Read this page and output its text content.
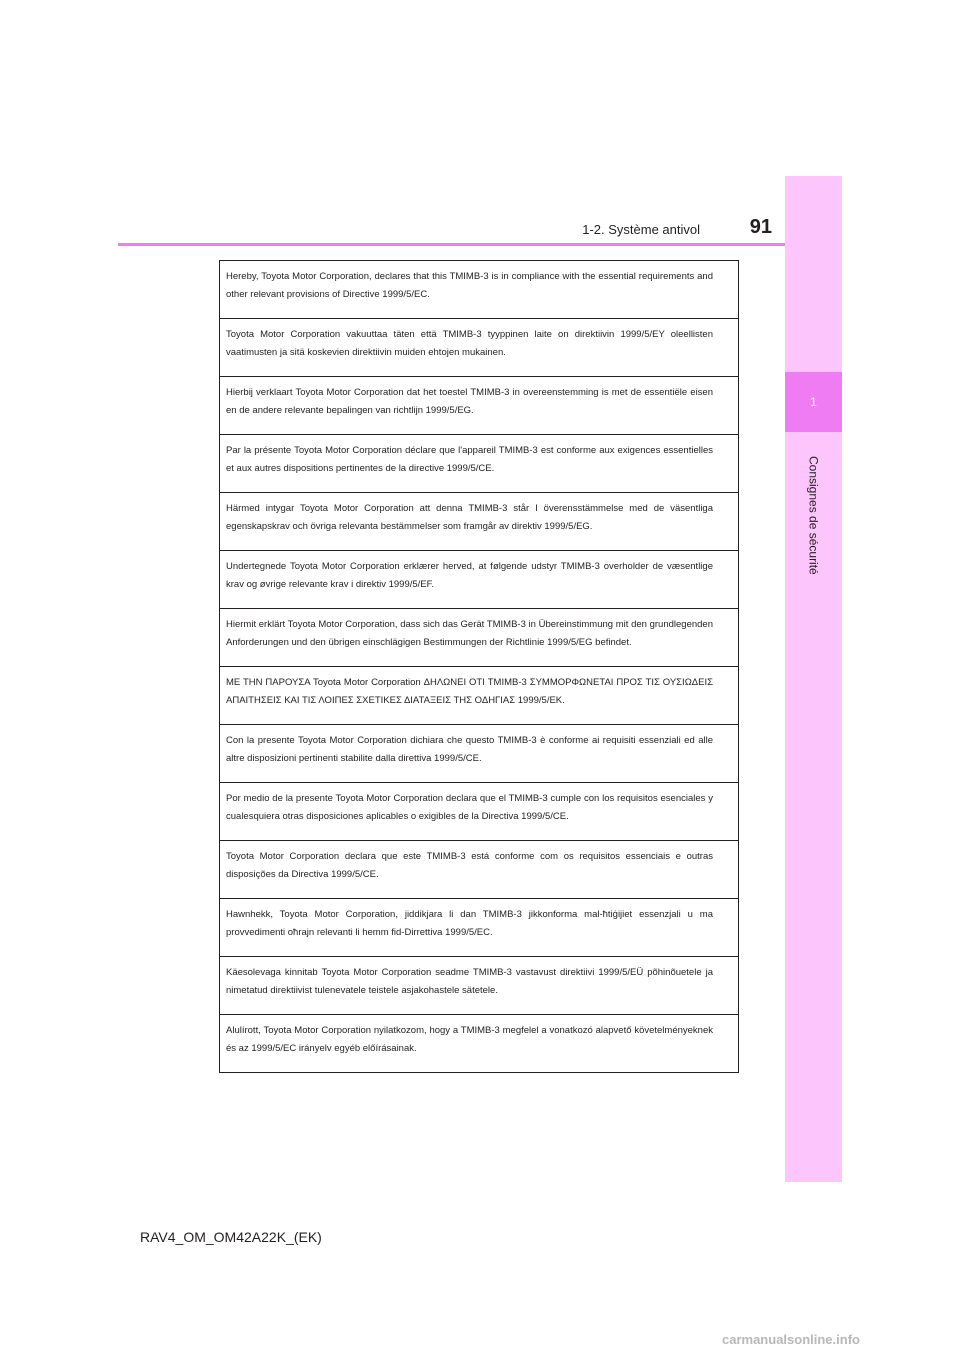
1
Consignes de sécurité
1-2. Système antivol	91
Hereby, Toyota Motor Corporation, declares that this TMIMB-3 is in compliance with the essential requirements and other relevant provisions of Directive 1999/5/EC.
Toyota Motor Corporation vakuuttaa täten että TMIMB-3 tyyppinen laite on direktiivin 1999/5/EY oleellisten vaatimusten ja sitä koskevien direktiivin muiden ehtojen mukainen.
Hierbij verklaart Toyota Motor Corporation dat het toestel TMIMB-3 in overeenstemming is met de essentiële eisen en de andere relevante bepalingen van richtlijn 1999/5/EG.
Par la présente Toyota Motor Corporation déclare que l'appareil TMIMB-3 est conforme aux exigences essentielles et aux autres dispositions pertinentes de la directive 1999/5/CE.
Härmed intygar Toyota Motor Corporation att denna TMIMB-3 står I överensstämmelse med de väsentliga egenskapskrav och övriga relevanta bestämmelser som framgår av direktiv 1999/5/EG.
Undertegnede Toyota Motor Corporation erklærer herved, at følgende udstyr TMIMB-3 overholder de væsentlige krav og øvrige relevante krav i direktiv 1999/5/EF.
Hiermit erklärt Toyota Motor Corporation, dass sich das Gerät TMIMB-3 in Übereinstimmung mit den grundlegenden Anforderungen und den übrigen einschlägigen Bestimmungen der Richtlinie 1999/5/EG befindet.
ΜΕ ΤΗΝ ΠΑΡΟΥΣΑ Toyota Motor Corporation ΔΗΛΩΝΕΙ ΟΤΙ TMIMB-3 ΣΥΜΜΟΡΦΩΝΕΤΑΙ ΠΡΟΣ ΤΙΣ ΟΥΣΙΩΔΕΙΣ ΑΠΑΙΤΗΣΕΙΣ ΚΑΙ ΤΙΣ ΛΟΙΠΕΣ ΣΧΕΤΙΚΕΣ ΔΙΑΤΑΞΕΙΣ ΤΗΣ ΟΔΗΓΙΑΣ 1999/5/ΕΚ.
Con la presente Toyota Motor Corporation dichiara che questo TMIMB-3 è conforme ai requisiti essenziali ed alle altre disposizioni pertinenti stabilite dalla direttiva 1999/5/CE.
Por medio de la presente Toyota Motor Corporation declara que el TMIMB-3 cumple con los requisitos esenciales y cualesquiera otras disposiciones aplicables o exigibles de la Directiva 1999/5/CE.
Toyota Motor Corporation declara que este TMIMB-3 está conforme com os requisitos essenciais e outras disposições da Directiva 1999/5/CE.
Hawnhekk, Toyota Motor Corporation, jiddikjara li dan TMIMB-3 jikkonforma mal-ħtiġijiet essenzjali u ma provvedimenti oħrajn relevanti li hemm fid-Dirrettiva 1999/5/EC.
Käesolevaga kinnitab Toyota Motor Corporation seadme TMIMB-3 vastavust direktiivi 1999/5/EÜ põhinõuetele ja nimetatud direktiivist tulenevatele teistele asjakohastele sätetele.
Alulírott, Toyota Motor Corporation nyilatkozom, hogy a TMIMB-3 megfelel a vonatkozó alapvető követelményeknek és az 1999/5/EC irányelv egyéb előírásainak.
RAV4_OM_OM42A22K_(EK)
carmanualsonline.info
